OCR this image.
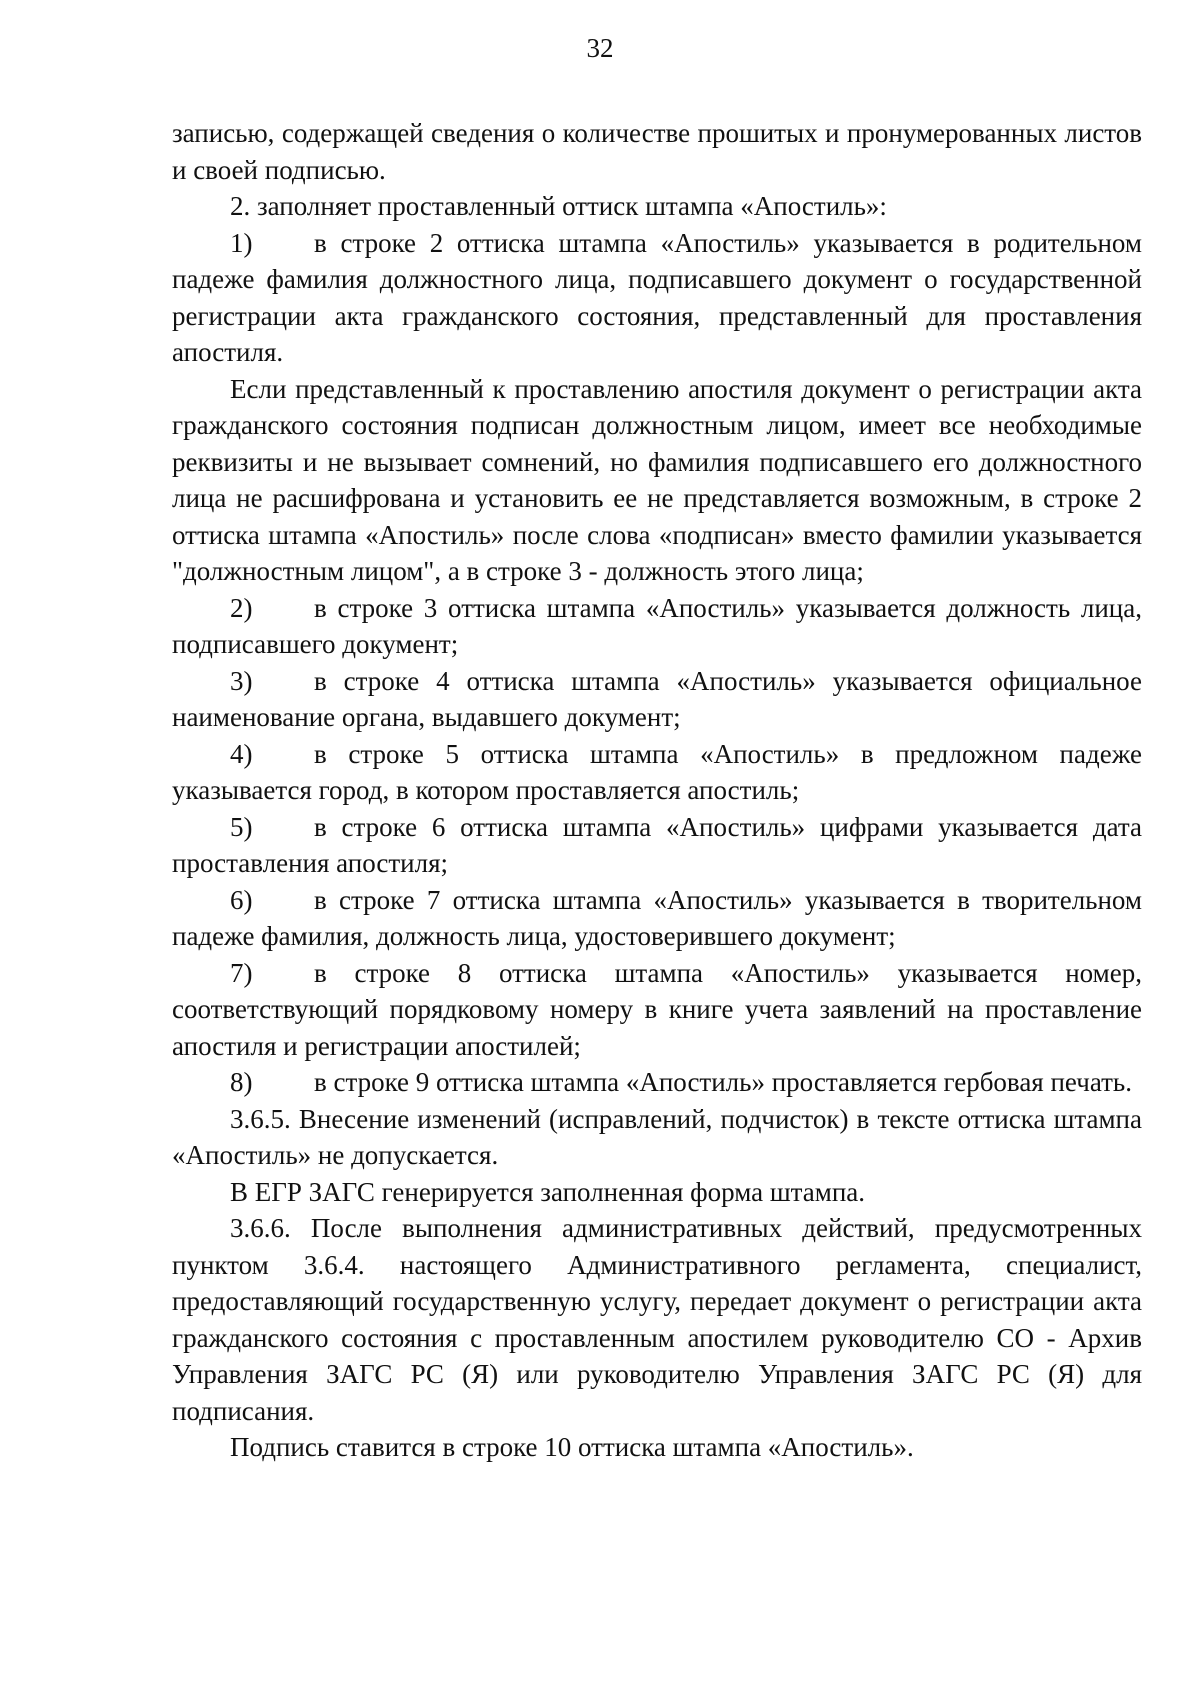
32

записью, содержащей сведения о количестве прошитых и пронумерованных листов и своей подписью.

2. заполняет проставленный оттиск штампа «Апостиль»:

1) в строке 2 оттиска штампа «Апостиль» указывается в родительном падеже фамилия должностного лица, подписавшего документ о государственной регистрации акта гражданского состояния, представленный для проставления апостиля.

Если представленный к проставлению апостиля документ о регистрации акта гражданского состояния подписан должностным лицом, имеет все необходимые реквизиты и не вызывает сомнений, но фамилия подписавшего его должностного лица не расшифрована и установить ее не представляется возможным, в строке 2 оттиска штампа «Апостиль» после слова «подписан» вместо фамилии указывается "должностным лицом", а в строке 3 - должность этого лица;

2) в строке 3 оттиска штампа «Апостиль» указывается должность лица, подписавшего документ;

3) в строке 4 оттиска штампа «Апостиль» указывается официальное наименование органа, выдавшего документ;

4) в строке 5 оттиска штампа «Апостиль» в предложном падеже указывается город, в котором проставляется апостиль;

5) в строке 6 оттиска штампа «Апостиль» цифрами указывается дата проставления апостиля;

6) в строке 7 оттиска штампа «Апостиль» указывается в творительном падеже фамилия, должность лица, удостоверившего документ;

7) в строке 8 оттиска штампа «Апостиль» указывается номер, соответствующий порядковому номеру в книге учета заявлений на проставление апостиля и регистрации апостилей;

8) в строке 9 оттиска штампа «Апостиль» проставляется гербовая печать.

3.6.5. Внесение изменений (исправлений, подчисток) в тексте оттиска штампа «Апостиль» не допускается.

В ЕГР ЗАГС генерируется заполненная форма штампа.

3.6.6. После выполнения административных действий, предусмотренных пунктом 3.6.4. настоящего Административного регламента, специалист, предоставляющий государственную услугу, передает документ о регистрации акта гражданского состояния с проставленным апостилем руководителю СО - Архив Управления ЗАГС РС (Я) или руководителю Управления ЗАГС РС (Я) для подписания.

Подпись ставится в строке 10 оттиска штампа «Апостиль».
